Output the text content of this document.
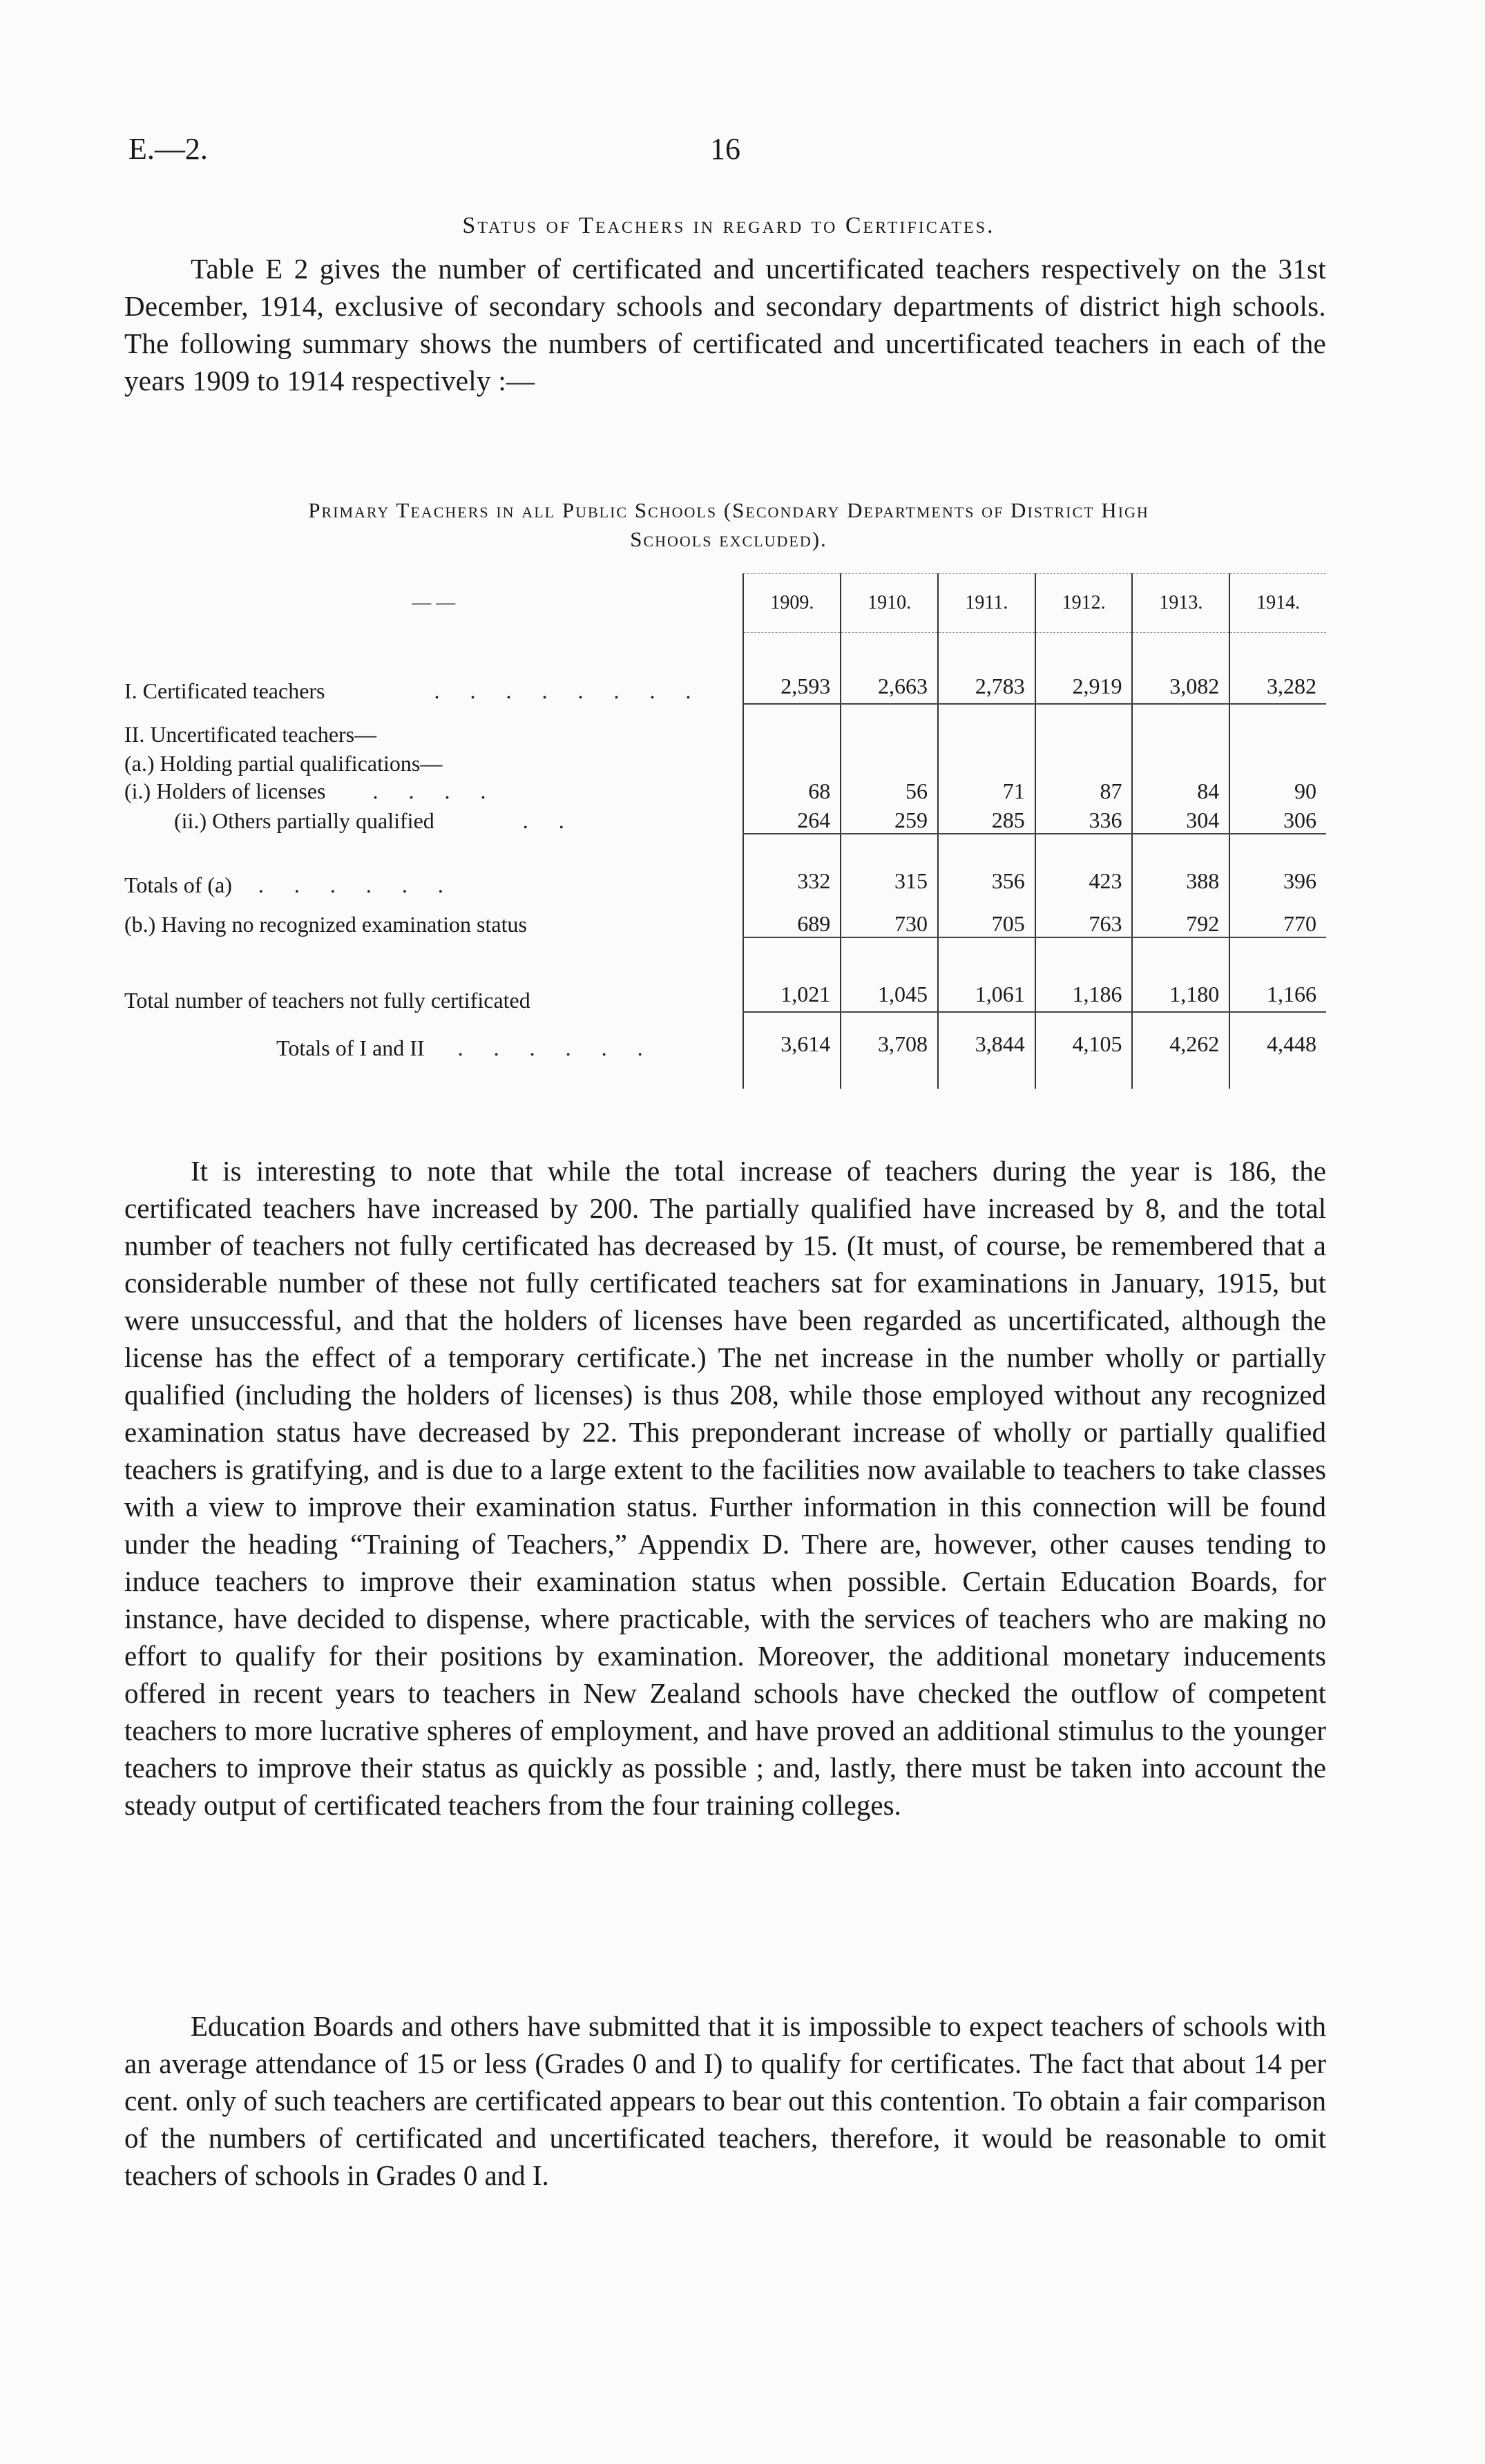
E.—2.	16
Status of Teachers in regard to Certificates.

Table E 2 gives the number of certificated and uncertificated teachers respectively on the 31st December, 1914, exclusive of secondary schools and secondary departments of district high schools. The following summary shows the numbers of certificated and uncertificated teachers in each of the years 1909 to 1914 respectively :—

Primary Teachers in all Public Schools (Secondary Departments of District High
Schools excluded).
— —	1909.	1910.	1911.	1912.	1913.	1914.
I. Certificated teachers . . . . . . . .	2,593	2,663	2,783	2,919	3,082	3,282
II. Uncertificated teachers—						
(a.) Holding partial qualifications—						
(i.) Holders of licenses . . . .	68	56	71	87	84	90
(ii.) Others partially qualified . .	264	259	285	336	304	306
Totals of (a) . . . . . .	332	315	356	423	388	396
(b.) Having no recognized examination status	689	730	705	763	792	770
Total number of teachers not fully certificated	1,021	1,045	1,061	1,186	1,180	1,166
Totals of I and II . . . . . .	3,614	3,708	3,844	4,105	4,262	4,448

It is interesting to note that while the total increase of teachers during the year is 186, the certificated teachers have increased by 200. The partially qualified have increased by 8, and the total number of teachers not fully certificated has decreased by 15. (It must, of course, be remembered that a considerable number of these not fully certificated teachers sat for examinations in January, 1915, but were unsuccessful, and that the holders of licenses have been regarded as uncertificated, although the license has the effect of a temporary certificate.) The net increase in the number wholly or partially qualified (including the holders of licenses) is thus 208, while those employed without any recognized examination status have decreased by 22. This preponderant increase of wholly or partially qualified teachers is gratifying, and is due to a large extent to the facilities now available to teachers to take classes with a view to improve their examination status. Further information in this connection will be found under the heading “Training of Teachers,” Appendix D. There are, however, other causes tending to induce teachers to improve their examination status when possible. Certain Education Boards, for instance, have decided to dispense, where practicable, with the services of teachers who are making no effort to qualify for their positions by examination. Moreover, the additional monetary inducements offered in recent years to teachers in New Zealand schools have checked the outflow of competent teachers to more lucrative spheres of employment, and have proved an additional stimulus to the younger teachers to improve their status as quickly as possible ; and, lastly, there must be taken into account the steady output of certificated teachers from the four training colleges.

Education Boards and others have submitted that it is impossible to expect teachers of schools with an average attendance of 15 or less (Grades 0 and I) to qualify for certificates. The fact that about 14 per cent. only of such teachers are certificated appears to bear out this contention. To obtain a fair comparison of the numbers of certificated and uncertificated teachers, therefore, it would be reasonable to omit teachers of schools in Grades 0 and I.
